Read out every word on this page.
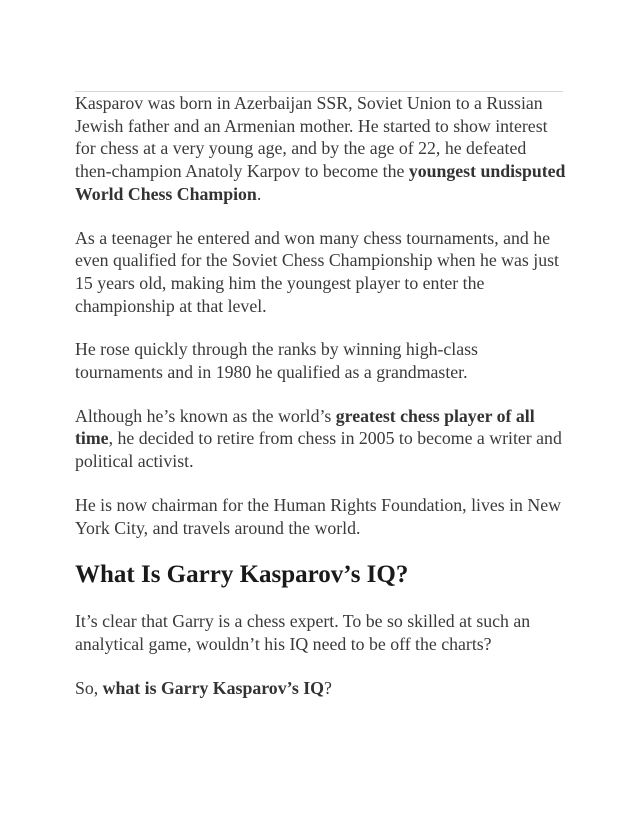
Kasparov was born in Azerbaijan SSR, Soviet Union to a Russian Jewish father and an Armenian mother. He started to show interest for chess at a very young age, and by the age of 22, he defeated then-champion Anatoly Karpov to become the youngest undisputed World Chess Champion.

As a teenager he entered and won many chess tournaments, and he even qualified for the Soviet Chess Championship when he was just 15 years old, making him the youngest player to enter the championship at that level.

He rose quickly through the ranks by winning high-class tournaments and in 1980 he qualified as a grandmaster.

Although he’s known as the world’s greatest chess player of all time, he decided to retire from chess in 2005 to become a writer and political activist.

He is now chairman for the Human Rights Foundation, lives in New York City, and travels around the world.

What Is Garry Kasparov’s IQ?

It’s clear that Garry is a chess expert. To be so skilled at such an analytical game, wouldn’t his IQ need to be off the charts?

So, what is Garry Kasparov’s IQ?
